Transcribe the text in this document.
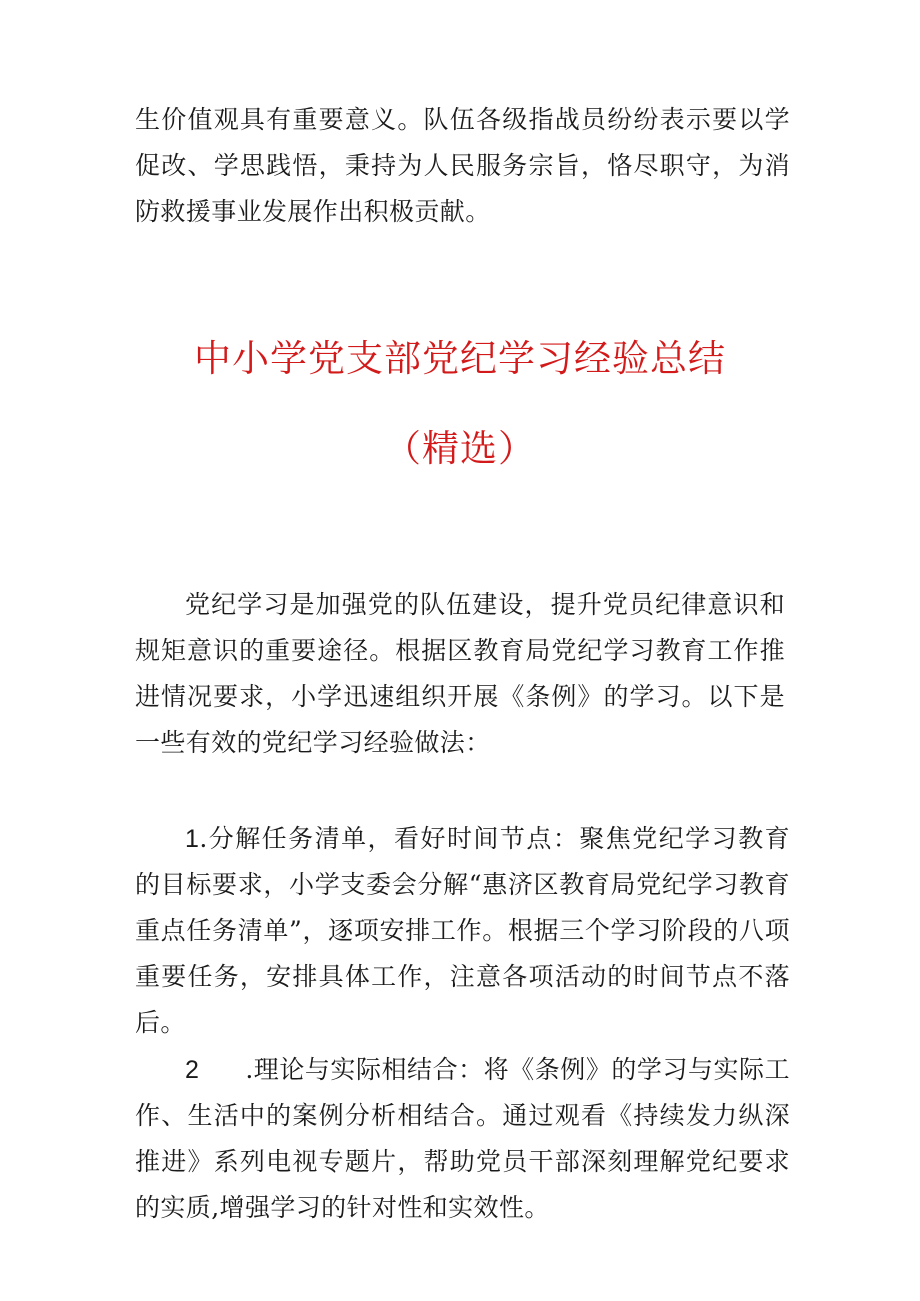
生价值观具有重要意义。队伍各级指战员纷纷表示要以学促改、学思践悟，秉持为人民服务宗旨，恪尽职守，为消防救援事业发展作出积极贡献。

中小学党支部党纪学习经验总结
（精选）

党纪学习是加强党的队伍建设，提升党员纪律意识和规矩意识的重要途径。根据区教育局党纪学习教育工作推进情况要求，小学迅速组织开展《条例》的学习。以下是一些有效的党纪学习经验做法：

1.分解任务清单，看好时间节点：聚焦党纪学习教育的目标要求，小学支委会分解“惠济区教育局党纪学习教育重点任务清单”，逐项安排工作。根据三个学习阶段的八项重要任务，安排具体工作，注意各项活动的时间节点不落后。

2 .理论与实际相结合：将《条例》的学习与实际工作、生活中的案例分析相结合。通过观看《持续发力纵深推进》系列电视专题片，帮助党员干部深刻理解党纪要求的实质,增强学习的针对性和实效性。
